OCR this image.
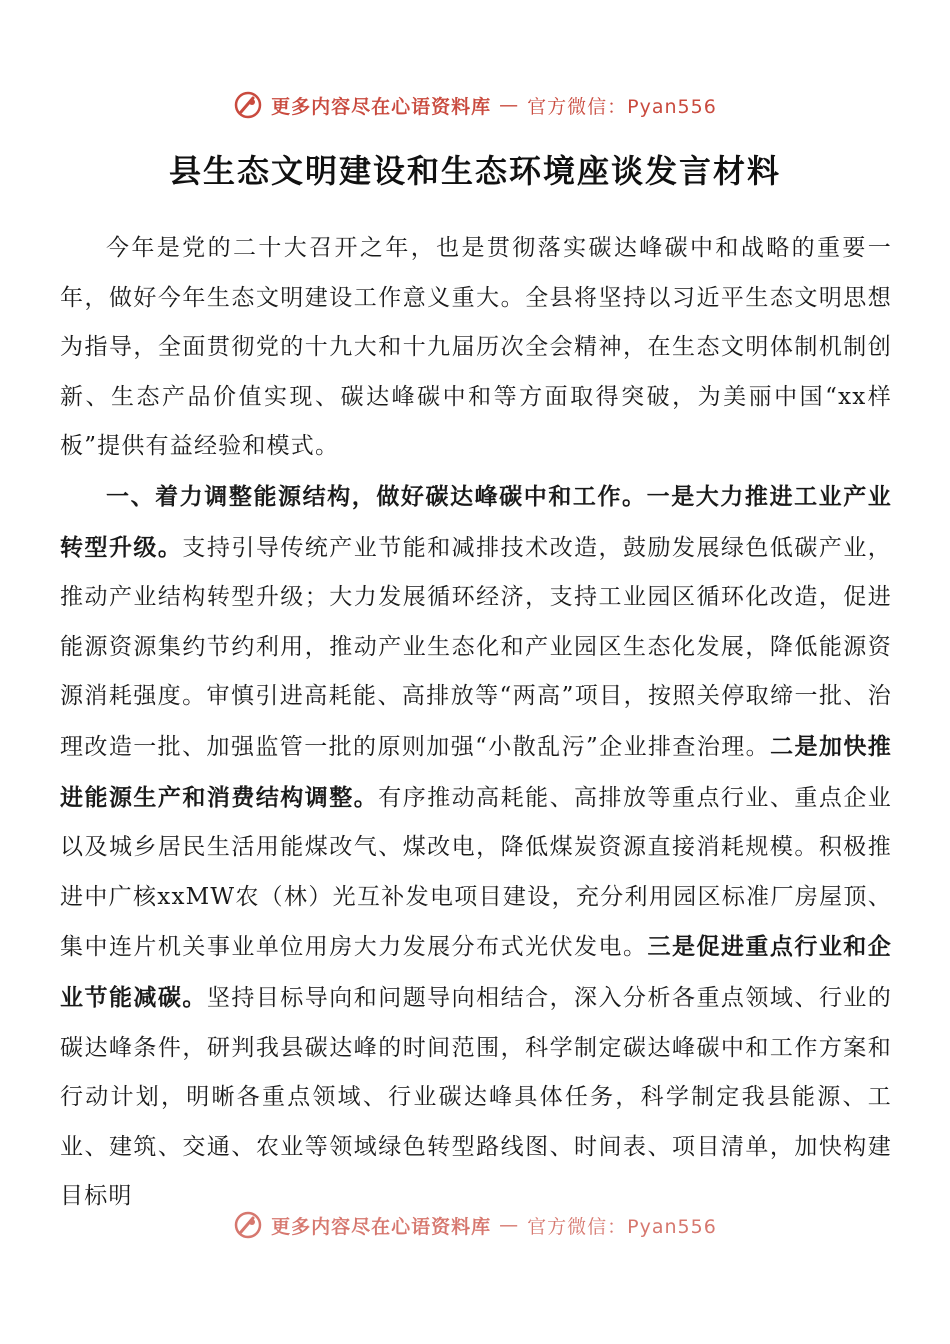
更多内容尽在心语资料库 — 官方微信：Pyan556
县生态文明建设和生态环境座谈发言材料

今年是党的二十大召开之年，也是贯彻落实碳达峰碳中和战略的重要一年，做好今年生态文明建设工作意义重大。全县将坚持以习近平生态文明思想为指导，全面贯彻党的十九大和十九届历次全会精神，在生态文明体制机制创新、生态产品价值实现、碳达峰碳中和等方面取得突破，为美丽中国“xx样板”提供有益经验和模式。

一、着力调整能源结构，做好碳达峰碳中和工作。一是大力推进工业产业转型升级。支持引导传统产业节能和减排技术改造，鼓励发展绿色低碳产业，推动产业结构转型升级；大力发展循环经济，支持工业园区循环化改造，促进能源资源集约节约利用，推动产业生态化和产业园区生态化发展，降低能源资源消耗强度。审慎引进高耗能、高排放等“两高”项目，按照关停取缔一批、治理改造一批、加强监管一批的原则加强“小散乱污”企业排查治理。二是加快推进能源生产和消费结构调整。有序推动高耗能、高排放等重点行业、重点企业以及城乡居民生活用能煤改气、煤改电，降低煤炭资源直接消耗规模。积极推进中广核xxMW农（林）光互补发电项目建设，充分利用园区标准厂房屋顶、集中连片机关事业单位用房大力发展分布式光伏发电。三是促进重点行业和企业节能减碳。坚持目标导向和问题导向相结合，深入分析各重点领域、行业的碳达峰条件，研判我县碳达峰的时间范围，科学制定碳达峰碳中和工作方案和行动计划，明晰各重点领域、行业碳达峰具体任务，科学制定我县能源、工业、建筑、交通、农业等领域绿色转型路线图、时间表、项目清单，加快构建目标明

更多内容尽在心语资料库 — 官方微信：Pyan556
